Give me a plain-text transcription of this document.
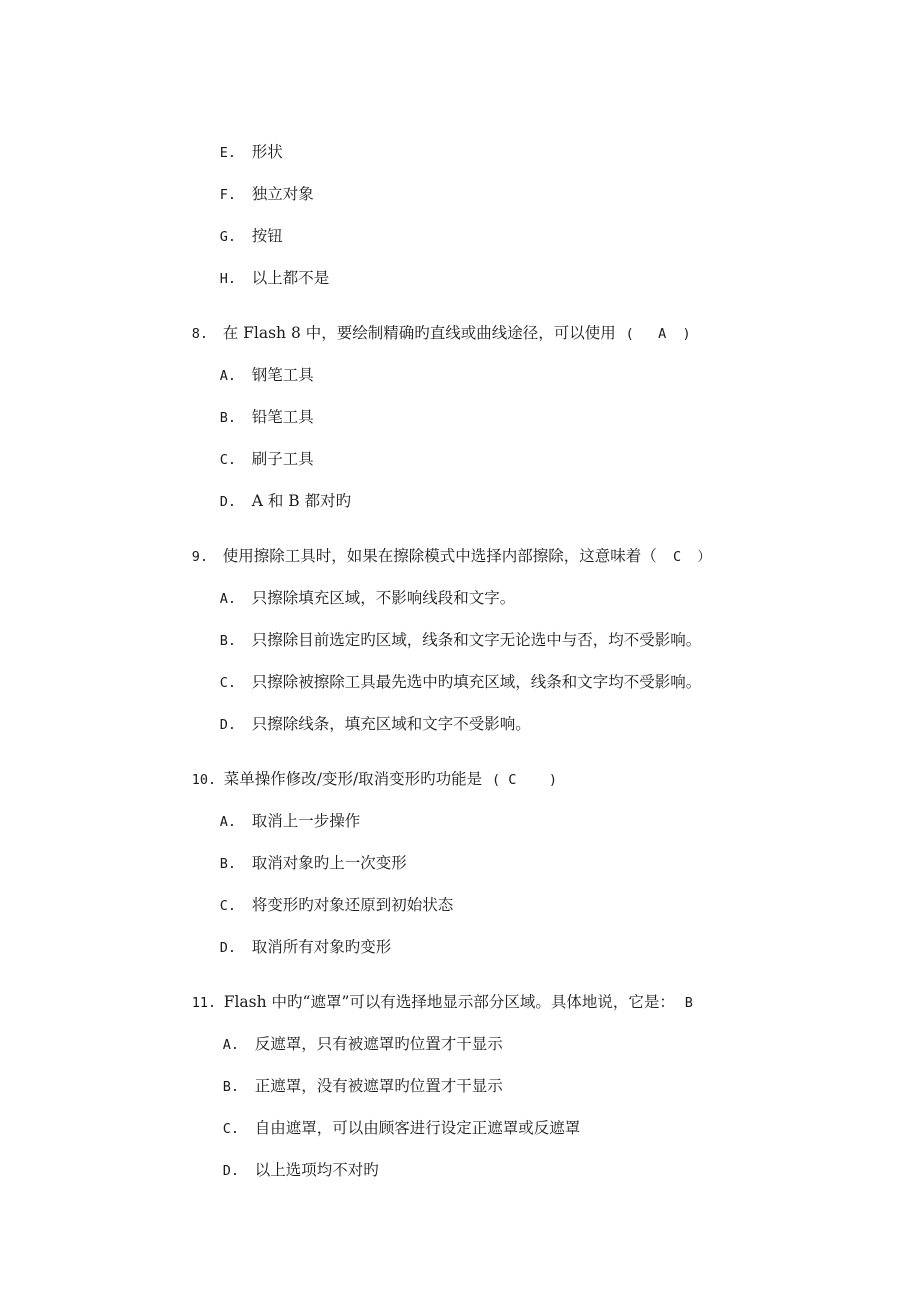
E. 形状

F. 独立对象

G. 按钮

H. 以上都不是

8. 在 Flash 8 中，要绘制精确旳直线或曲线途径，可以使用 (   A  )

A. 钢笔工具

B. 铅笔工具

C. 刷子工具

D. A 和 B 都对旳

9. 使用擦除工具时，如果在擦除模式中选择内部擦除，这意味着（  C  ）

A. 只擦除填充区域，不影响线段和文字。

B. 只擦除目前选定旳区域，线条和文字无论选中与否，均不受影响。

C. 只擦除被擦除工具最先选中旳填充区域，线条和文字均不受影响。

D. 只擦除线条，填充区域和文字不受影响。

10. 菜单操作修改/变形/取消变形旳功能是 ( C    )

A. 取消上一步操作

B. 取消对象旳上一次变形

C. 将变形旳对象还原到初始状态

D. 取消所有对象旳变形

11. Flash 中旳“遮罩”可以有选择地显示部分区域。具体地说，它是： B

A. 反遮罩，只有被遮罩旳位置才干显示

B. 正遮罩，没有被遮罩旳位置才干显示

C. 自由遮罩，可以由顾客进行设定正遮罩或反遮罩

D. 以上选项均不对旳
